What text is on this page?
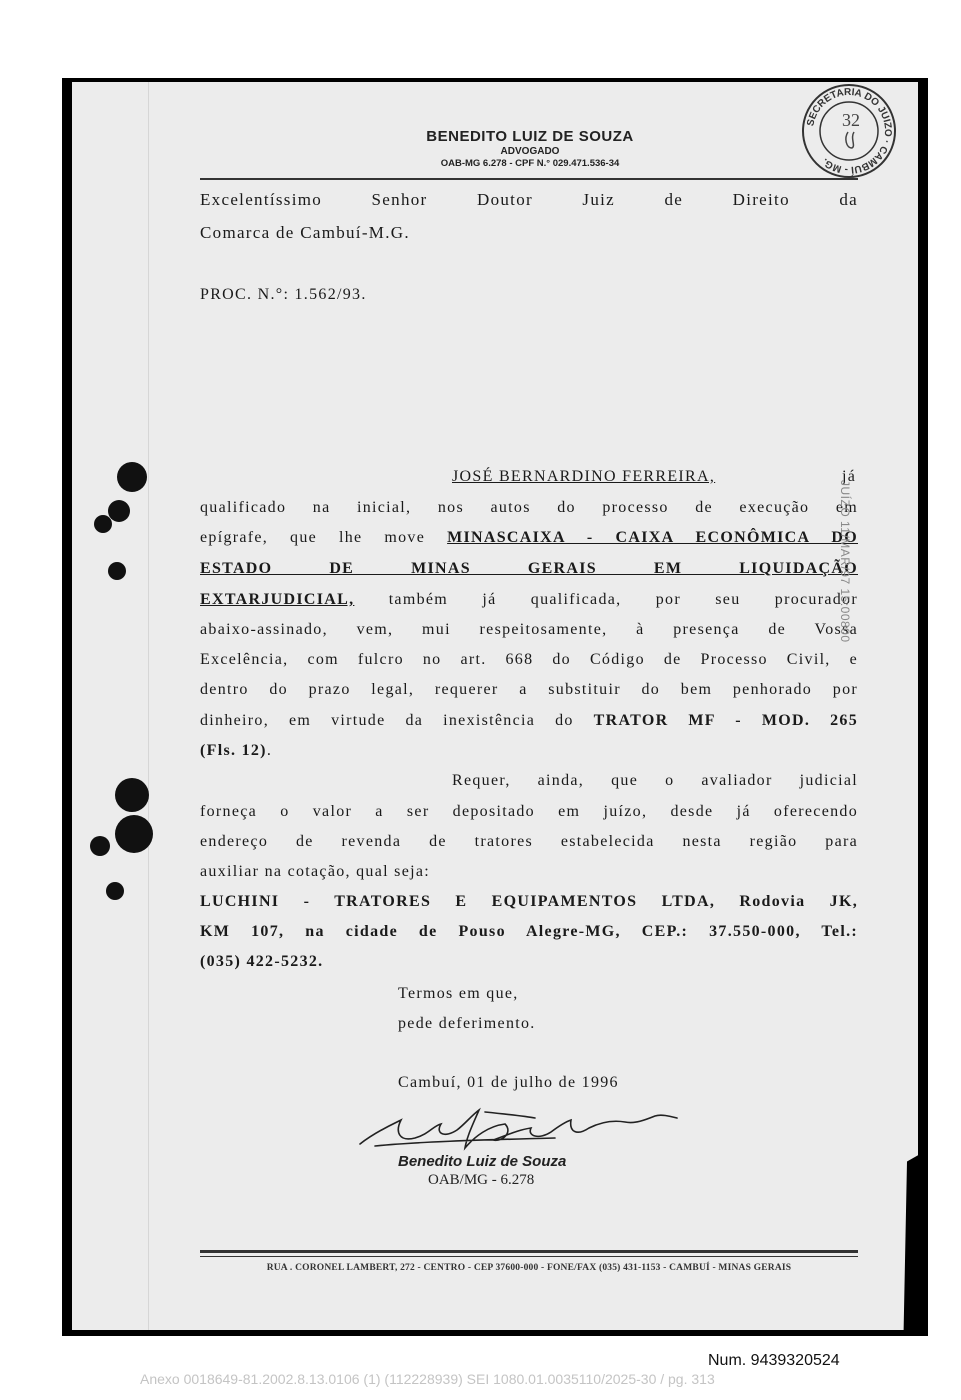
BENEDITO LUIZ DE SOUZA
ADVOGADO
OAB-MG 6.278 - CPF N.° 029.471.536-34
SECRETARIA DO JUIZO · CAMBUÍ - MG.
32
Excelentíssimo Senhor Doutor Juiz de Direito da
Comarca de Cambuí-M.G.
PROC. N.°: 1.562/93.
JOSÉ BERNARDINO FERREIRA,	já
qualificado na inicial, nos autos do processo de execução em
epígrafe, que lhe move MINASCAIXA - CAIXA ECONÔMICA DO
ESTADO DE MINAS GERAIS EM LIQUIDAÇÃO
EXTARJUDICIAL, também já qualificada, por seu procurador
abaixo-assinado, vem, mui respeitosamente, à presença de Vossa
Excelência, com fulcro no art. 668 do Código de Processo Civil, e
dentro do prazo legal, requerer a substituir do bem penhorado por
dinheiro, em virtude da inexistência do TRATOR MF - MOD. 265
(Fls. 12).
Requer, ainda, que o avaliador judicial
forneça o valor a ser depositado em juízo, desde já oferecendo
endereço de revenda de tratores estabelecida nesta região para
auxiliar na cotação, qual seja:
LUCHINI - TRATORES E EQUIPAMENTOS LTDA, Rodovia JK,
KM 107, na cidade de Pouso Alegre-MG, CEP.: 37.550-000, Tel.:
(035) 422-5232.
Termos em que,
pede deferimento.
Cambuí, 01 de julho de 1996
JUÍZO 11/MAR/97 15:00800
Benedito Luiz de Souza
OAB/MG - 6.278
RUA . CORONEL LAMBERT, 272 - CENTRO - CEP 37600-000 - FONE/FAX (035) 431-1153 - CAMBUÍ - MINAS GERAIS
Num. 9439320524
Anexo 0018649-81.2002.8.13.0106 (1) (112228939) SEI 1080.01.0035110/2025-30 / pg. 313
